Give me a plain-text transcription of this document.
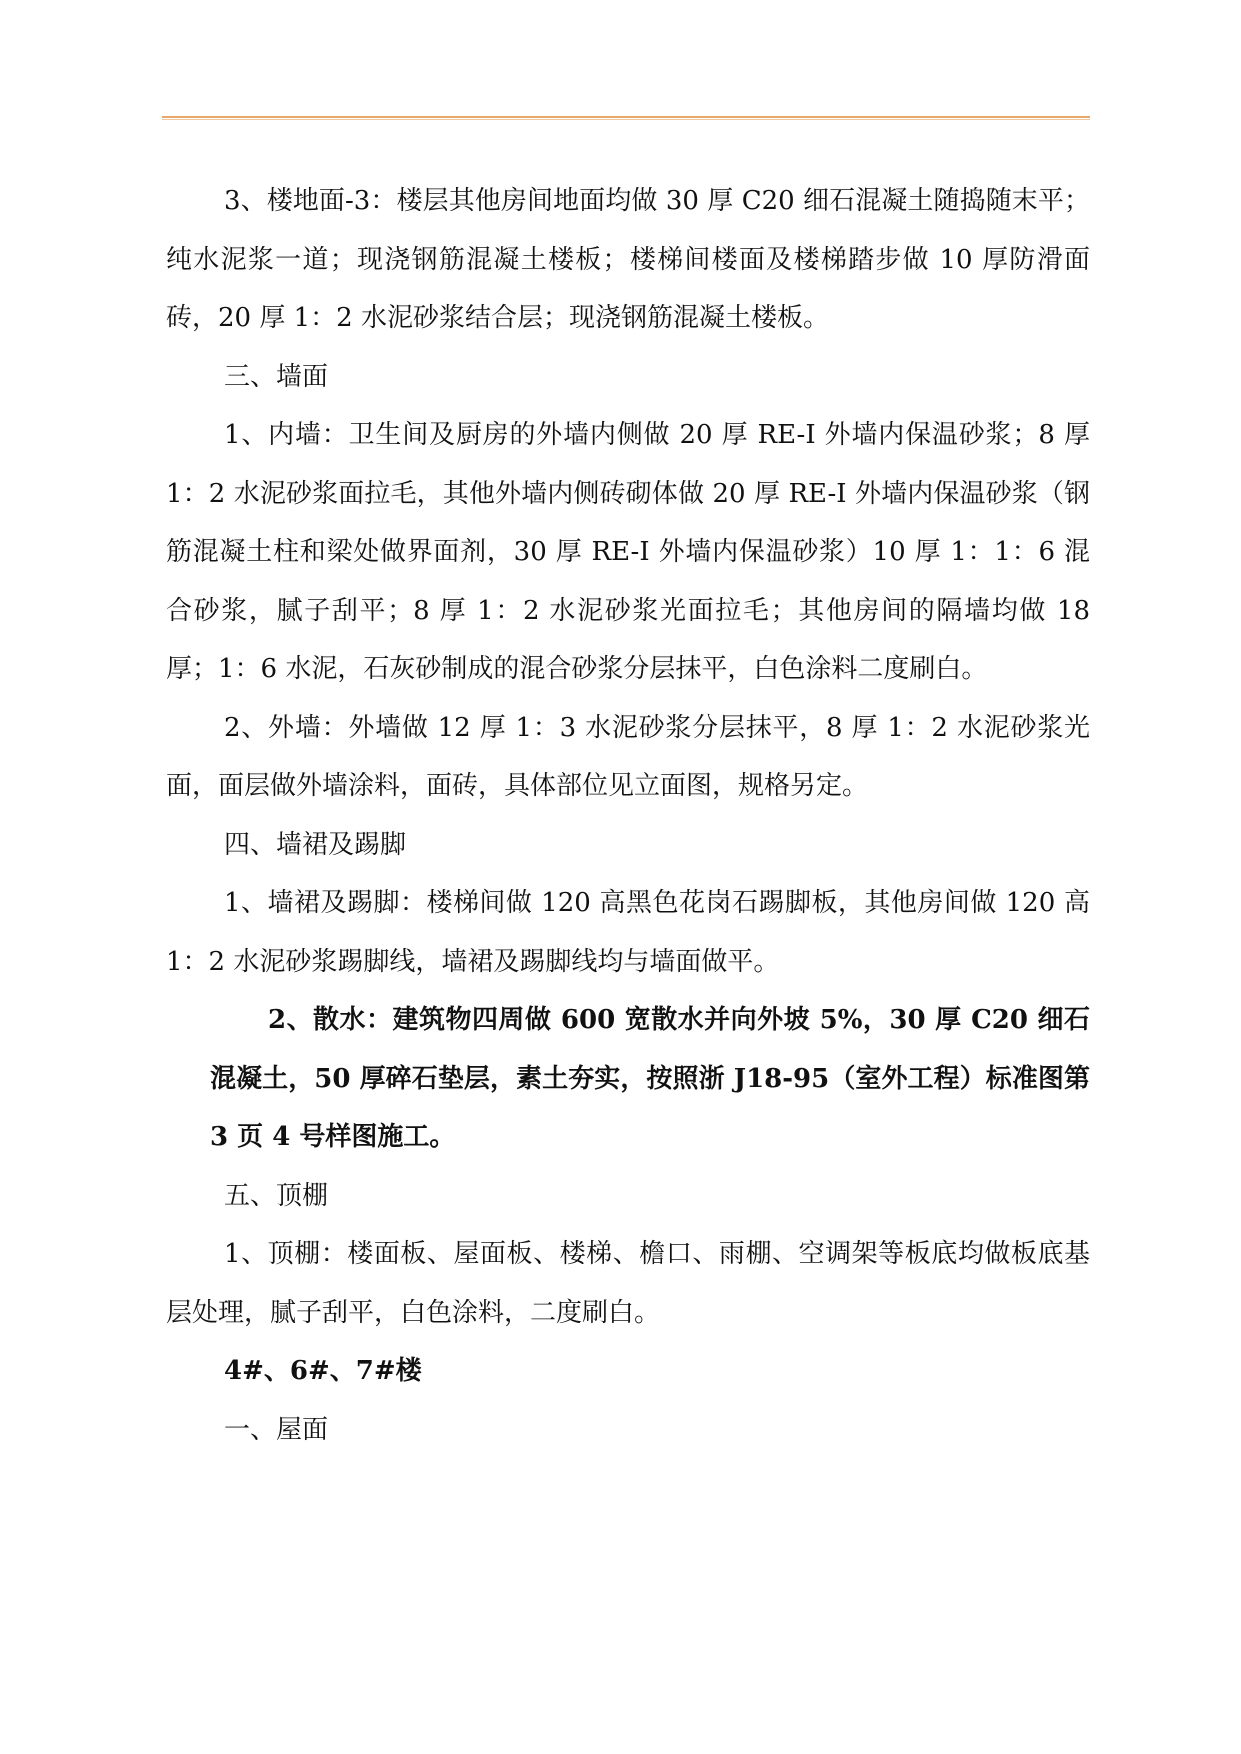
3、楼地面-3：楼层其他房间地面均做 30 厚 C20 细石混凝土随捣随末平；纯水泥浆一道；现浇钢筋混凝土楼板；楼梯间楼面及楼梯踏步做 10 厚防滑面砖，20 厚 1：2 水泥砂浆结合层；现浇钢筋混凝土楼板。

三、墙面

1、内墙：卫生间及厨房的外墙内侧做 20 厚 RE-I 外墙内保温砂浆；8 厚 1：2 水泥砂浆面拉毛，其他外墙内侧砖砌体做 20 厚 RE-I 外墙内保温砂浆（钢筋混凝土柱和梁处做界面剂，30 厚 RE-I 外墙内保温砂浆）10 厚 1：1：6 混合砂浆，腻子刮平；8 厚 1：2 水泥砂浆光面拉毛；其他房间的隔墙均做 18 厚；1：6 水泥，石灰砂制成的混合砂浆分层抹平，白色涂料二度刷白。

2、外墙：外墙做 12 厚 1：3 水泥砂浆分层抹平，8 厚 1：2 水泥砂浆光面，面层做外墙涂料，面砖，具体部位见立面图，规格另定。

四、墙裙及踢脚

1、墙裙及踢脚：楼梯间做 120 高黑色花岗石踢脚板，其他房间做 120 高 1：2 水泥砂浆踢脚线，墙裙及踢脚线均与墙面做平。

2、散水：建筑物四周做 600 宽散水并向外坡 5%，30 厚 C20 细石混凝土，50 厚碎石垫层，素土夯实，按照浙 J18-95（室外工程）标准图第 3 页 4 号样图施工。

五、顶棚

1、顶棚：楼面板、屋面板、楼梯、檐口、雨棚、空调架等板底均做板底基层处理，腻子刮平，白色涂料，二度刷白。

4#、6#、7#楼

一、屋面
